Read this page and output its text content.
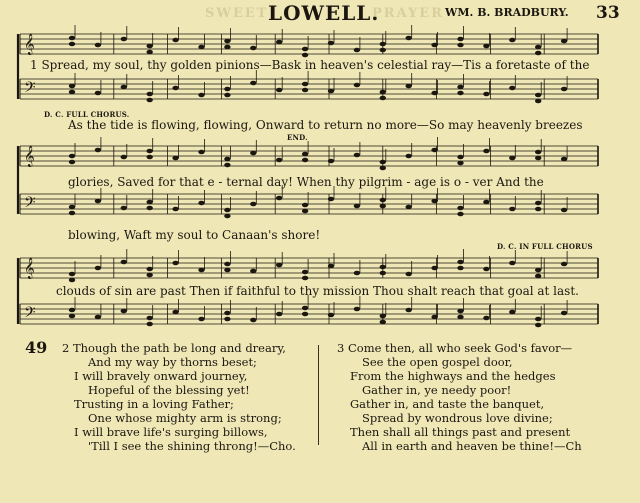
SWEET	PRAYER
LOWELL.	WM. B. BRADBURY. 33
𝄞
𝄢
𝄞
𝄢
𝄞
𝄢
1 Spread, my soul, thy golden pinions—Bask in heaven's celestial ray—Tis a foretaste of the
D. C. FULL CHORUS.
As the tide is flowing, flowing, Onward to return no more—So may heavenly breezes
END.
glories, Saved for that e - ternal day! When thy pilgrim - age is o - ver And the
blowing, Waft my soul to Canaan's shore!
D. C. IN FULL CHORUS
clouds of sin are past Then if faithful to thy mission Thou shalt reach that goal at last.
49 2 Though the path be long and dreary,
And my way by thorns beset;
I will bravely onward journey,
Hopeful of the blessing yet!
Trusting in a loving Father;
One whose mighty arm is strong;
I will brave life's surging billows,
'Till I see the shining throng!—Cho.
3 Come then, all who seek God's favor—
See the open gospel door,
From the highways and the hedges
Gather in, ye needy poor!
Gather in, and taste the banquet,
Spread by wondrous love divine;
Then shall all things past and present
All in earth and heaven be thine!—Ch
